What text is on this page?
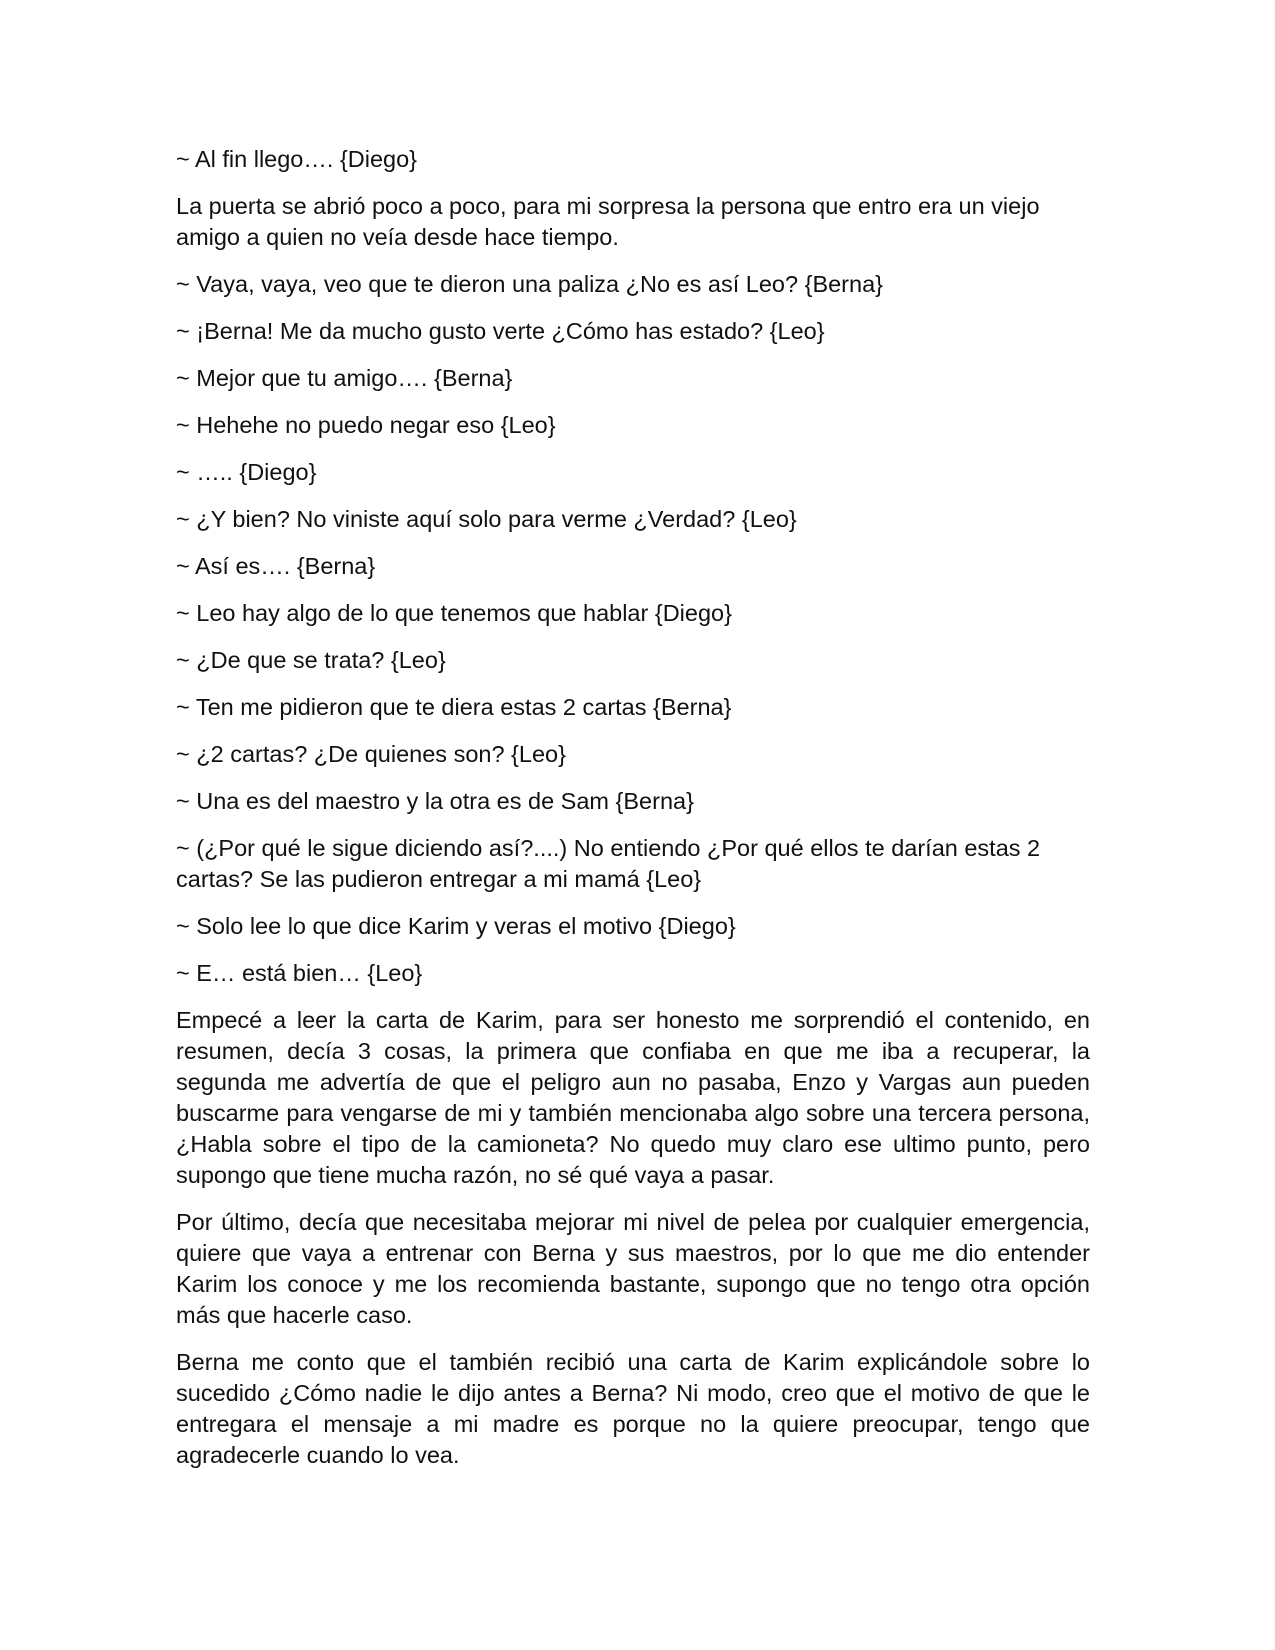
~ Al fin llego…. {Diego}

La puerta se abrió poco a poco, para mi sorpresa la persona que entro era un viejo amigo a quien no veía desde hace tiempo.

~ Vaya, vaya, veo que te dieron una paliza ¿No es así Leo? {Berna}

~ ¡Berna! Me da mucho gusto verte ¿Cómo has estado? {Leo}

~ Mejor que tu amigo…. {Berna}

~ Hehehe no puedo negar eso {Leo}

~ ….. {Diego}

~ ¿Y bien? No viniste aquí solo para verme ¿Verdad? {Leo}

~ Así es…. {Berna}

~ Leo hay algo de lo que tenemos que hablar {Diego}

~ ¿De que se trata? {Leo}

~ Ten me pidieron que te diera estas 2 cartas {Berna}

~ ¿2 cartas? ¿De quienes son? {Leo}

~ Una es del maestro y la otra es de Sam {Berna}

~ (¿Por qué le sigue diciendo así?....) No entiendo ¿Por qué ellos te darían estas 2 cartas? Se las pudieron entregar a mi mamá {Leo}

~ Solo lee lo que dice Karim y veras el motivo {Diego}

~ E… está bien… {Leo}

Empecé a leer la carta de Karim, para ser honesto me sorprendió el contenido, en resumen, decía 3 cosas, la primera que confiaba en que me iba a recuperar, la segunda me advertía de que el peligro aun no pasaba, Enzo y Vargas aun pueden buscarme para vengarse de mi y también mencionaba algo sobre una tercera persona, ¿Habla sobre el tipo de la camioneta? No quedo muy claro ese ultimo punto, pero supongo que tiene mucha razón, no sé qué vaya a pasar.

Por último, decía que necesitaba mejorar mi nivel de pelea por cualquier emergencia, quiere que vaya a entrenar con Berna y sus maestros, por lo que me dio entender Karim los conoce y me los recomienda bastante, supongo que no tengo otra opción más que hacerle caso.

Berna me conto que el también recibió una carta de Karim explicándole sobre lo sucedido ¿Cómo nadie le dijo antes a Berna? Ni modo, creo que el motivo de que le entregara el mensaje a mi madre es porque no la quiere preocupar, tengo que agradecerle cuando lo vea.
